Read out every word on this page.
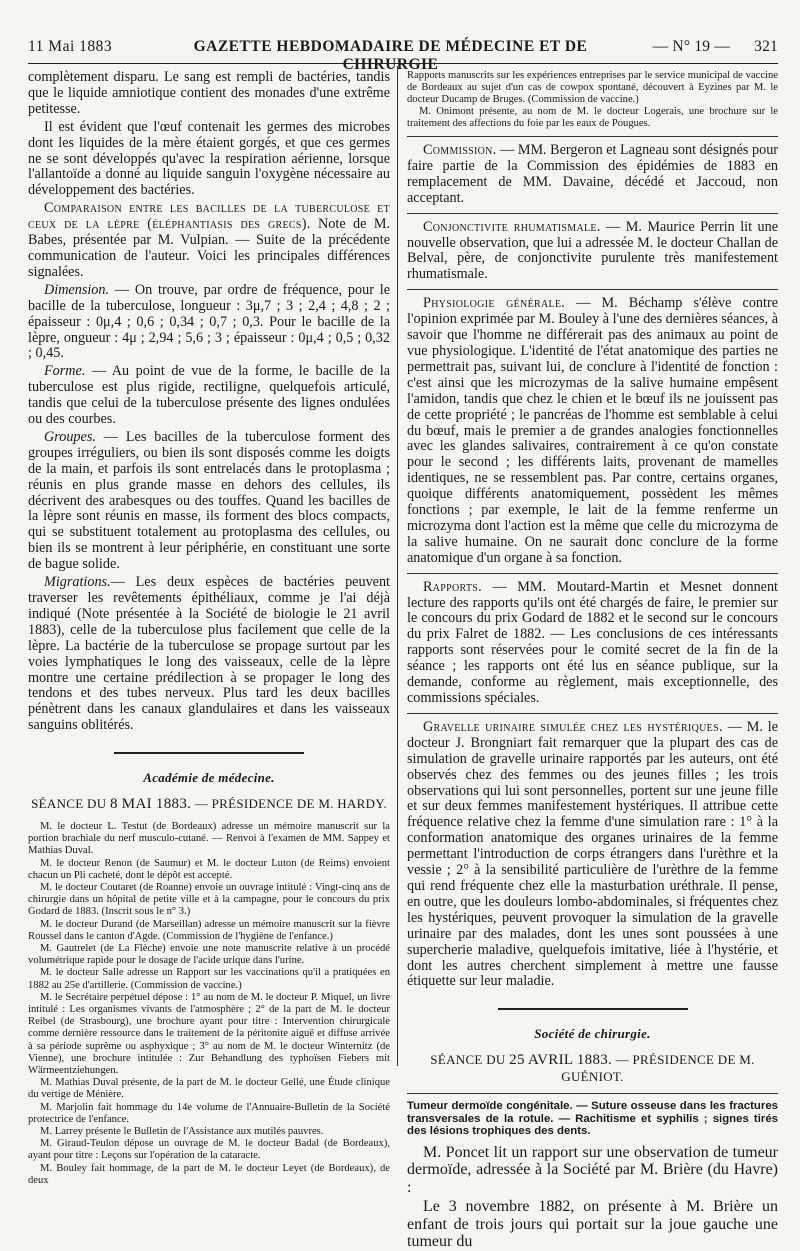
11 Mai 1883	GAZETTE HEBDOMADAIRE DE MÉDECINE ET DE CHIRURGIE
— N° 19 —	321

complètement disparu. Le sang est rempli de bactéries, tandis que le liquide amniotique contient des monades d'une extrême petitesse.

Il est évident que l'œuf contenait les germes des microbes dont les liquides de la mère étaient gorgés, et que ces germes ne se sont développés qu'avec la respiration aérienne, lorsque l'allantoïde a donné au liquide sanguin l'oxygène nécessaire au développement des bactéries.

Comparaison entre les bacilles de la tuberculose et ceux de la lèpre (éléphantiasis des grecs). Note de M. Babes, présentée par M. Vulpian. — Suite de la précédente communication de l'auteur. Voici les principales différences signalées.

Dimension. — On trouve, par ordre de fréquence, pour le bacille de la tuberculose, longueur : 3μ,7 ; 3 ; 2,4 ; 4,8 ; 2 ; épaisseur : 0μ,4 ; 0,6 ; 0,34 ; 0,7 ; 0,3. Pour le bacille de la lèpre, ongueur : 4μ ; 2,94 ; 5,6 ; 3 ; épaisseur : 0μ,4 ; 0,5 ; 0,32 ; 0,45.

Forme. — Au point de vue de la forme, le bacille de la tuberculose est plus rigide, rectiligne, quelquefois articulé, tandis que celui de la tuberculose présente des lignes ondulées ou des courbes.

Groupes. — Les bacilles de la tuberculose forment des groupes irréguliers, ou bien ils sont disposés comme les doigts de la main, et parfois ils sont entrelacés dans le protoplasma ; réunis en plus grande masse en dehors des cellules, ils décrivent des arabesques ou des touffes. Quand les bacilles de la lèpre sont réunis en masse, ils forment des blocs compacts, qui se substituent totalement au protoplasma des cellules, ou bien ils se montrent à leur périphérie, en constituant une sorte de bague solide.

Migrations.— Les deux espèces de bactéries peuvent traverser les revêtements épithéliaux, comme je l'ai déjà indiqué (Note présentée à la Société de biologie le 21 avril 1883), celle de la tuberculose plus facilement que celle de la lèpre. La bactérie de la tuberculose se propage surtout par les voies lymphatiques le long des vaisseaux, celle de la lèpre montre une certaine prédilection à se propager le long des tendons et des tubes nerveux. Plus tard les deux bacilles pénètrent dans les canaux glandulaires et dans les vaisseaux sanguins oblitérés.

Académie de médecine.
SÉANCE DU 8 MAI 1883. — PRÉSIDENCE DE M. HARDY.

M. le docteur L. Testut (de Bordeaux) adresse un mémoire manuscrit sur la portion brachiale du nerf musculo-cutané. — Renvoi à l'examen de MM. Sappey et Mathias Duval.

M. le docteur Renon (de Saumur) et M. le docteur Luton (de Reims) envoient chacun un Pli cacheté, dont le dépôt est accepté.

M. le docteur Coutaret (de Roanne) envoie un ouvrage intitulé : Vingt-cinq ans de chirurgie dans un hôpital de petite ville et à la campagne, pour le concours du prix Godard de 1883. (Inscrit sous le n° 3.)

M. le docteur Durand (de Marseillan) adresse un mémoire manuscrit sur la fièvre Roussel dans le canton d'Agde. (Commission de l'hygiène de l'enfance.)

M. Gautrelet (de La Flèche) envoie une note manuscrite relative à un procédé volumétrique rapide pour le dosage de l'acide urique dans l'urine.

M. le docteur Salle adresse un Rapport sur les vaccinations qu'il a pratiquées en 1882 au 25e d'artillerie. (Commission de vaccine.)

M. le Secrétaire perpétuel dépose : 1° au nom de M. le docteur P. Miquel, un livre intitulé : Les organismes vivants de l'atmosphère ; 2° de la part de M. le docteur Reibel (de Strasbourg), une brochure ayant pour titre : Intervention chirurgicale comme dernière ressource dans le traitement de la péritonite aiguë et diffuse arrivée à sa période suprême ou asphyxique ; 3° au nom de M. le docteur Winternitz (de Vienne), une brochure intitulée : Zur Behandlung des typhoïsen Fiebers mit Wärmeentziehungen.

M. Mathias Duval présente, de la part de M. le docteur Gellé, une Étude clinique du vertige de Ménière.

M. Marjolin fait hommage du 14e volume de l'Annuaire-Bulletin de la Société protectrice de l'enfance.

M. Larrey présente le Bulletin de l'Assistance aux mutilés pauvres.

M. Giraud-Teulon dépose un ouvrage de M. le docteur Badal (de Bordeaux), ayant pour titre : Leçons sur l'opération de la cataracte.

M. Bouley fait hommage, de la part de M. le docteur Leyet (de Bordeaux), de deux

Rapports manuscrits sur les expériences entreprises par le service municipal de vaccine de Bordeaux au sujet d'un cas de cowpox spontané, découvert à Eyzines par M. le docteur Ducamp de Bruges. (Commission de vaccine.)

M. Onimont présente, au nom de M. le docteur Logerais, une brochure sur le traitement des affections du foie par les eaux de Pougues.

Commission. — MM. Bergeron et Lagneau sont désignés pour faire partie de la Commission des épidémies de 1883 en remplacement de MM. Davaine, décédé et Jaccoud, non acceptant.

Conjonctivite rhumatismale. — M. Maurice Perrin lit une nouvelle observation, que lui a adressée M. le docteur Challan de Belval, père, de conjonctivite purulente très manifestement rhumatismale.

Physiologie générale. — M. Béchamp s'élève contre l'opinion exprimée par M. Bouley à l'une des dernières séances, à savoir que l'homme ne différerait pas des animaux au point de vue physiologique. L'identité de l'état anatomique des parties ne permettrait pas, suivant lui, de conclure à l'identité de fonction : c'est ainsi que les microzymas de la salive humaine empêsent l'amidon, tandis que chez le chien et le bœuf ils ne jouissent pas de cette propriété ; le pancréas de l'homme est semblable à celui du bœuf, mais le premier a de grandes analogies fonctionnelles avec les glandes salivaires, contrairement à ce qu'on constate pour le second ; les différents laits, provenant de mamelles identiques, ne se ressemblent pas. Par contre, certains organes, quoique différents anatomiquement, possèdent les mêmes fonctions ; par exemple, le lait de la femme renferme un microzyma dont l'action est la même que celle du microzyma de la salive humaine. On ne saurait donc conclure de la forme anatomique d'un organe à sa fonction.

Rapports. — MM. Moutard-Martin et Mesnet donnent lecture des rapports qu'ils ont été chargés de faire, le premier sur le concours du prix Godard de 1882 et le second sur le concours du prix Falret de 1882. — Les conclusions de ces intéressants rapports sont réservées pour le comité secret de la fin de la séance ; les rapports ont été lus en séance publique, sur la demande, conforme au règlement, mais exceptionnelle, des commissions spéciales.

Gravelle urinaire simulée chez les hystériques. — M. le docteur J. Brongniart fait remarquer que la plupart des cas de simulation de gravelle urinaire rapportés par les auteurs, ont été observés chez des femmes ou des jeunes filles ; les trois observations qui lui sont personnelles, portent sur une jeune fille et sur deux femmes manifestement hystériques. Il attribue cette fréquence relative chez la femme d'une simulation rare : 1° à la conformation anatomique des organes urinaires de la femme permettant l'introduction de corps étrangers dans l'urèthre et la vessie ; 2° à la sensibilité particulière de l'urèthre de la femme qui rend fréquente chez elle la masturbation uréthrale. Il pense, en outre, que les douleurs lombo-abdominales, si fréquentes chez les hystériques, peuvent provoquer la simulation de la gravelle urinaire par des malades, dont les unes sont poussées à une supercherie maladive, quelquefois imitative, liée à l'hystérie, et dont les autres cherchent simplement à mettre une fausse étiquette sur leur maladie.

Société de chirurgie.
SÉANCE DU 25 AVRIL 1883. — PRÉSIDENCE DE M. GUÉNIOT.

Tumeur dermoïde congénitale. — Suture osseuse dans les fractures transversales de la rotule. — Rachitisme et syphilis ; signes tirés des lésions trophiques des dents.

M. Poncet lit un rapport sur une observation de tumeur dermoïde, adressée à la Société par M. Brière (du Havre) :

Le 3 novembre 1882, on présente à M. Brière un enfant de trois jours qui portait sur la joue gauche une tumeur du
